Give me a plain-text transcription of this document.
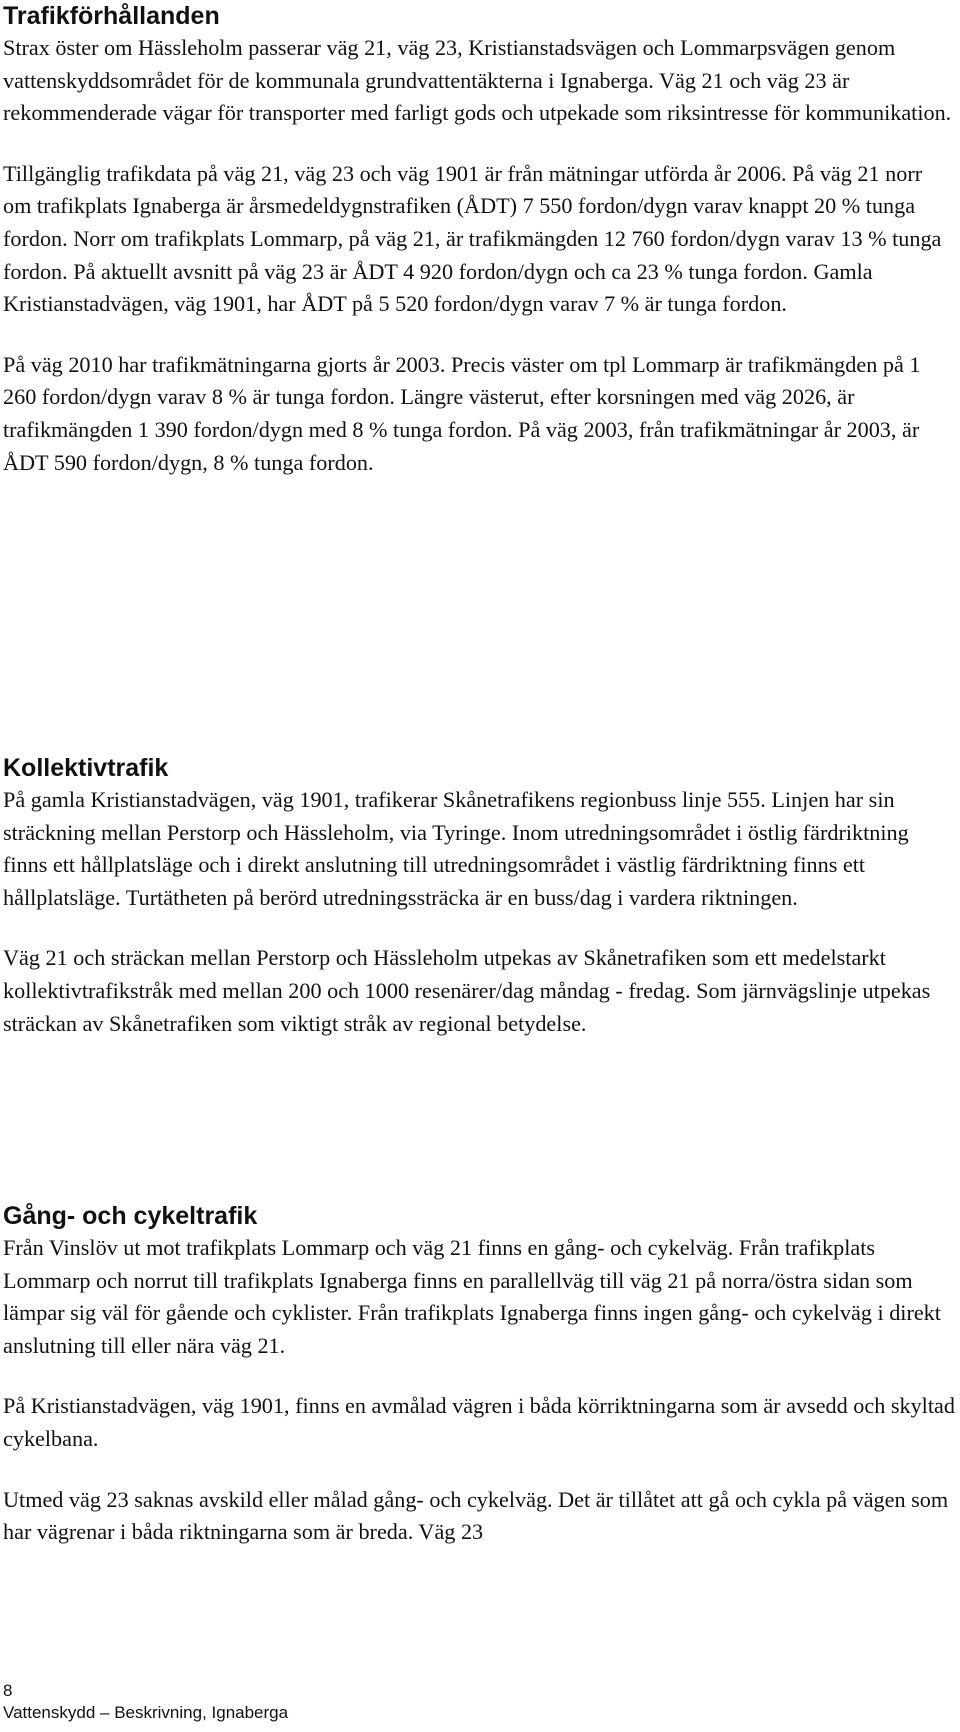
Trafikförhållanden

Strax öster om Hässleholm passerar väg 21, väg 23, Kristianstadsvägen och Lommarpsvägen genom vattenskyddsområdet för de kommunala grundvattentäkterna i Ignaberga. Väg 21 och väg 23 är rekommenderade vägar för transporter med farligt gods och utpekade som riksintresse för kommunikation.

Tillgänglig trafikdata på väg 21, väg 23 och väg 1901 är från mätningar utförda år 2006. På väg 21 norr om trafikplats Ignaberga är årsmedeldygnstrafiken (ÅDT) 7 550 fordon/dygn varav knappt 20 % tunga fordon. Norr om trafikplats Lommarp, på väg 21, är trafikmängden 12 760 fordon/dygn varav 13 % tunga fordon. På aktuellt avsnitt på väg 23 är ÅDT 4 920 fordon/dygn och ca 23 % tunga fordon. Gamla Kristianstadvägen, väg 1901, har ÅDT på 5 520 fordon/dygn varav 7 % är tunga fordon.

På väg 2010 har trafikmätningarna gjorts år 2003. Precis väster om tpl Lommarp är trafikmängden på 1 260 fordon/dygn varav 8 % är tunga fordon. Längre västerut, efter korsningen med väg 2026, är trafikmängden 1 390 fordon/dygn med 8 % tunga fordon. På väg 2003, från trafikmätningar år 2003, är ÅDT 590 fordon/dygn, 8 % tunga fordon.

Kollektivtrafik

På gamla Kristianstadvägen, väg 1901, trafikerar Skånetrafikens regionbuss linje 555. Linjen har sin sträckning mellan Perstorp och Hässleholm, via Tyringe. Inom utredningsområdet i östlig färdriktning finns ett hållplatsläge och i direkt anslutning till utredningsområdet i västlig färdriktning finns ett hållplatsläge. Turtätheten på berörd utredningssträcka är en buss/dag i vardera riktningen.

Väg 21 och sträckan mellan Perstorp och Hässleholm utpekas av Skånetrafiken som ett medelstarkt kollektivtrafikstråk med mellan 200 och 1000 resenärer/dag måndag - fredag. Som järnvägslinje utpekas sträckan av Skånetrafiken som viktigt stråk av regional betydelse.

Gång- och cykeltrafik

Från Vinslöv ut mot trafikplats Lommarp och väg 21 finns en gång- och cykelväg. Från trafikplats Lommarp och norrut till trafikplats Ignaberga finns en parallellväg till väg 21 på norra/östra sidan som lämpar sig väl för gående och cyklister. Från trafikplats Ignaberga finns ingen gång- och cykelväg i direkt anslutning till eller nära väg 21.

På Kristianstadvägen, väg 1901, finns en avmålad vägren i båda körriktningarna som är avsedd och skyltad cykelbana.

Utmed väg 23 saknas avskild eller målad gång- och cykelväg. Det är tillåtet att gå och cykla på vägen som har vägrenar i båda riktningarna som är breda. Väg 23

8
Vattenskydd – Beskrivning, Ignaberga
